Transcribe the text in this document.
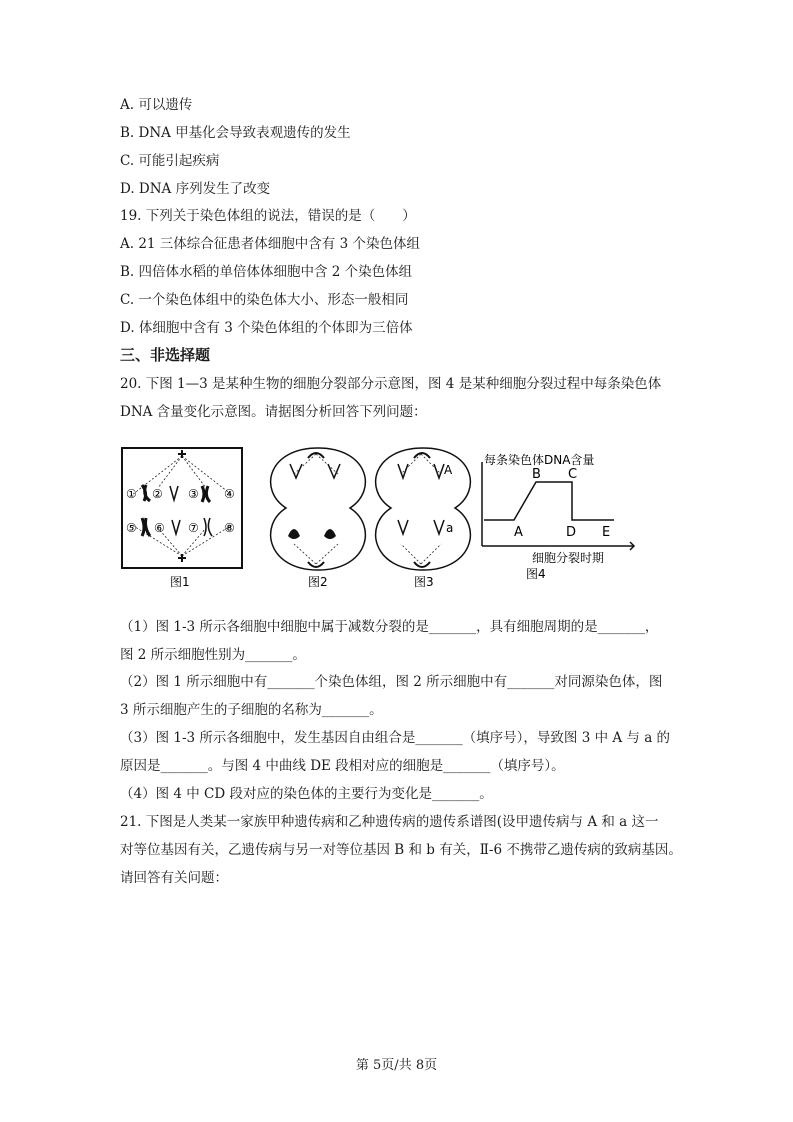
A. 可以遗传
B. DNA 甲基化会导致表观遗传的发生
C. 可能引起疾病
D. DNA 序列发生了改变
19. 下列关于染色体组的说法，错误的是（　　）
A. 21 三体综合征患者体细胞中含有 3 个染色体组
B. 四倍体水稻的单倍体体细胞中含 2 个染色体组
C. 一个染色体组中的染色体大小、形态一般相同
D. 体细胞中含有 3 个染色体组的个体即为三倍体
三、非选择题
20. 下图 1—3 是某种生物的细胞分裂部分示意图，图 4 是某种细胞分裂过程中每条染色体
DNA 含量变化示意图。请据图分析回答下列问题：
① ② ③ ④
⑤ ⑥ ⑦ ⑧
图1	图2
A
a
图3
每条染色体DNA含量
A
B C
D E
细胞分裂时期
图4
（1）图 1-3 所示各细胞中细胞中属于减数分裂的是_______，具有细胞周期的是_______，
图 2 所示细胞性别为_______。
（2）图 1 所示细胞中有_______个染色体组，图 2 所示细胞中有_______对同源染色体，图
3 所示细胞产生的子细胞的名称为_______。
（3）图 1-3 所示各细胞中，发生基因自由组合是_______（填序号），导致图 3 中 A 与 a 的
原因是_______。与图 4 中曲线 DE 段相对应的细胞是_______（填序号）。
（4）图 4 中 CD 段对应的染色体的主要行为变化是_______。
21. 下图是人类某一家族甲种遗传病和乙种遗传病的遗传系谱图(设甲遗传病与 A 和 a 这一
对等位基因有关，乙遗传病与另一对等位基因 B 和 b 有关，Ⅱ-6 不携带乙遗传病的致病基因。
请回答有关问题：
第 5页/共 8页
